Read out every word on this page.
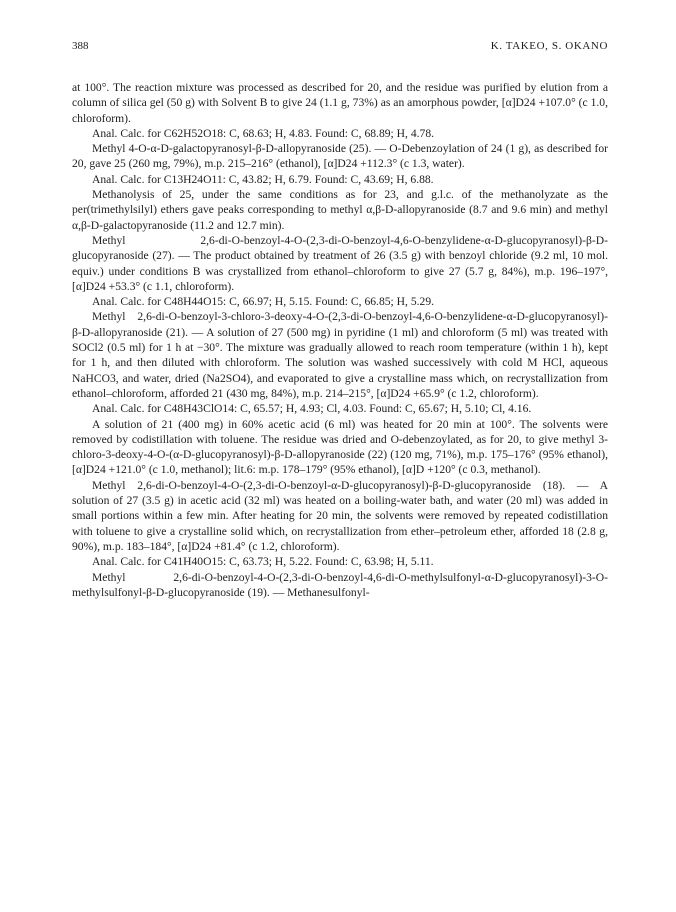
388	K. TAKEO, S. OKANO

at 100°. The reaction mixture was processed as described for 20, and the residue was purified by elution from a column of silica gel (50 g) with Solvent B to give 24 (1.1 g, 73%) as an amorphous powder, [α]D24 +107.0° (c 1.0, chloroform).

Anal. Calc. for C62H52O18: C, 68.63; H, 4.83. Found: C, 68.89; H, 4.78.

Methyl 4-O-α-D-galactopyranosyl-β-D-allopyranoside (25). — O-Debenzoylation of 24 (1 g), as described for 20, gave 25 (260 mg, 79%), m.p. 215–216° (ethanol), [α]D24 +112.3° (c 1.3, water).

Anal. Calc. for C13H24O11: C, 43.82; H, 6.79. Found: C, 43.69; H, 6.88.

Methanolysis of 25, under the same conditions as for 23, and g.l.c. of the methanolyzate as the per(trimethylsilyl) ethers gave peaks corresponding to methyl α,β-D-allopyranoside (8.7 and 9.6 min) and methyl α,β-D-galactopyranoside (11.2 and 12.7 min).

Methyl 2,6-di-O-benzoyl-4-O-(2,3-di-O-benzoyl-4,6-O-benzylidene-α-D-glucopyranosyl)-β-D-glucopyranoside (27). — The product obtained by treatment of 26 (3.5 g) with benzoyl chloride (9.2 ml, 10 mol. equiv.) under conditions B was crystallized from ethanol–chloroform to give 27 (5.7 g, 84%), m.p. 196–197°, [α]D24 +53.3° (c 1.1, chloroform).

Anal. Calc. for C48H44O15: C, 66.97; H, 5.15. Found: C, 66.85; H, 5.29.

Methyl 2,6-di-O-benzoyl-3-chloro-3-deoxy-4-O-(2,3-di-O-benzoyl-4,6-O-benzylidene-α-D-glucopyranosyl)-β-D-allopyranoside (21). — A solution of 27 (500 mg) in pyridine (1 ml) and chloroform (5 ml) was treated with SOCl2 (0.5 ml) for 1 h at −30°. The mixture was gradually allowed to reach room temperature (within 1 h), kept for 1 h, and then diluted with chloroform. The solution was washed successively with cold M HCl, aqueous NaHCO3, and water, dried (Na2SO4), and evaporated to give a crystalline mass which, on recrystallization from ethanol–chloroform, afforded 21 (430 mg, 84%), m.p. 214–215°, [α]D24 +65.9° (c 1.2, chloroform).

Anal. Calc. for C48H43ClO14: C, 65.57; H, 4.93; Cl, 4.03. Found: C, 65.67; H, 5.10; Cl, 4.16.

A solution of 21 (400 mg) in 60% acetic acid (6 ml) was heated for 20 min at 100°. The solvents were removed by codistillation with toluene. The residue was dried and O-debenzoylated, as for 20, to give methyl 3-chloro-3-deoxy-4-O-(α-D-glucopyranosyl)-β-D-allopyranoside (22) (120 mg, 71%), m.p. 175–176° (95% ethanol), [α]D24 +121.0° (c 1.0, methanol); lit.6: m.p. 178–179° (95% ethanol), [α]D +120° (c 0.3, methanol).

Methyl 2,6-di-O-benzoyl-4-O-(2,3-di-O-benzoyl-α-D-glucopyranosyl)-β-D-glucopyranoside (18). — A solution of 27 (3.5 g) in acetic acid (32 ml) was heated on a boiling-water bath, and water (20 ml) was added in small portions within a few min. After heating for 20 min, the solvents were removed by repeated codistillation with toluene to give a crystalline solid which, on recrystallization from ether–petroleum ether, afforded 18 (2.8 g, 90%), m.p. 183–184°, [α]D24 +81.4° (c 1.2, chloroform).

Anal. Calc. for C41H40O15: C, 63.73; H, 5.22. Found: C, 63.98; H, 5.11.

Methyl 2,6-di-O-benzoyl-4-O-(2,3-di-O-benzoyl-4,6-di-O-methylsulfonyl-α-D-glucopyranosyl)-3-O-methylsulfonyl-β-D-glucopyranoside (19). — Methanesulfonyl-
